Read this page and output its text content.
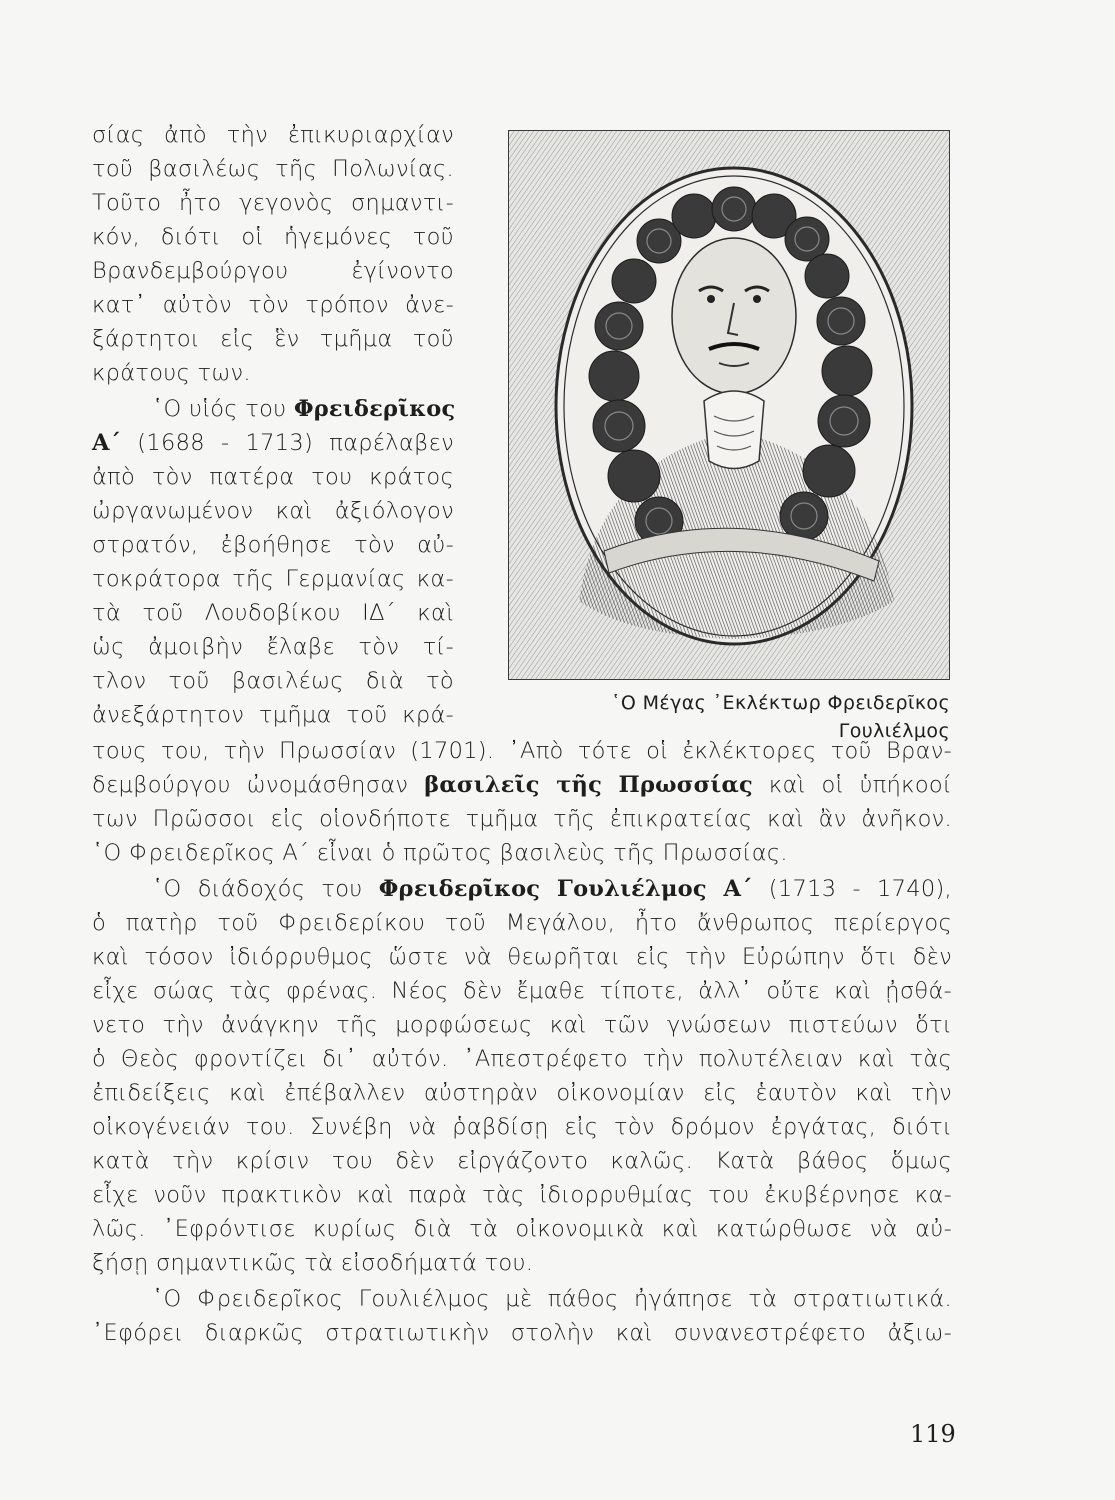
σίας ἀπὸ τὴν ἐπικυριαρχίαν
τοῦ βασιλέως τῆς Πολωνίας.
Τοῦτο ἦτο γεγονὸς σημαντι-
κόν, διότι οἱ ἡγεμόνες τοῦ
Βρανδεμβούργου ἐγίνοντο
κατ᾽ αὐτὸν τὸν τρόπον ἀνε-
ξάρτητοι εἰς ἓν τμῆμα τοῦ
κράτους των.
῾Ο υἱός του Φρειδερῖκος
Α´ (1688 - 1713) παρέλαβεν
ἀπὸ τὸν πατέρα του κράτος
ὠργανωμένον καὶ ἀξιόλογον
στρατόν, ἐβοήθησε τὸν αὐ-
τοκράτορα τῆς Γερμανίας κα-
τὰ τοῦ Λουδοβίκου ΙΔ´ καὶ
ὡς ἀμοιβὴν ἔλαβε τὸν τί-
τλον τοῦ βασιλέως διὰ τὸ
ἀνεξάρτητον τμῆμα τοῦ κρά-
τους του, τὴν Πρωσσίαν (1701). ᾽Απὸ τότε οἱ ἐκλέκτορες τοῦ Βραν-
δεμβούργου ὠνομάσθησαν βασιλεῖς τῆς Πρωσσίας καὶ οἱ ὑπήκοοί
των Πρῶσσοι εἰς οἱονδήποτε τμῆμα τῆς ἐπικρατείας καὶ ἂν ἀνῆκον.
῾Ο Φρειδερῖκος Α´ εἶναι ὁ πρῶτος βασιλεὺς τῆς Πρωσσίας.
῾Ο διάδοχός του Φρειδερῖκος Γουλιέλμος Α´ (1713 - 1740),
ὁ πατὴρ τοῦ Φρειδερίκου τοῦ Μεγάλου, ἦτο ἄνθρωπος περίεργος
καὶ τόσον ἰδιόρρυθμος ὥστε νὰ θεωρῆται εἰς τὴν Εὐρώπην ὅτι δὲν
εἶχε σώας τὰς φρένας. Νέος δὲν ἔμαθε τίποτε, ἀλλ᾽ οὔτε καὶ ᾐσθά-
νετο τὴν ἀνάγκην τῆς μορφώσεως καὶ τῶν γνώσεων πιστεύων ὅτι
ὁ Θεὸς φροντίζει δι᾽ αὐτόν. ᾽Απεστρέφετο τὴν πολυτέλειαν καὶ τὰς
ἐπιδείξεις καὶ ἐπέβαλλεν αὐστηρὰν οἰκονομίαν εἰς ἑαυτὸν καὶ τὴν
οἰκογένειάν του. Συνέβη νὰ ῥαβδίσῃ εἰς τὸν δρόμον ἐργάτας, διότι
κατὰ τὴν κρίσιν του δὲν εἰργάζοντο καλῶς. Κατὰ βάθος ὅμως
εἶχε νοῦν πρακτικὸν καὶ παρὰ τὰς ἰδιορρυθμίας του ἐκυβέρνησε κα-
λῶς. ᾽Εφρόντισε κυρίως διὰ τὰ οἰκονομικὰ καὶ κατώρθωσε νὰ αὐ-
ξήσῃ σημαντικῶς τὰ εἰσοδήματά του.
῾Ο Φρειδερῖκος Γουλιέλμος μὲ πάθος ἠγάπησε τὰ στρατιωτικά.
᾽Εφόρει διαρκῶς στρατιωτικὴν στολὴν καὶ συνανεστρέφετο ἀξιω-
῾Ο Μέγας ᾽Εκλέκτωρ Φρειδερῖκος
Γουλιέλμος
119
